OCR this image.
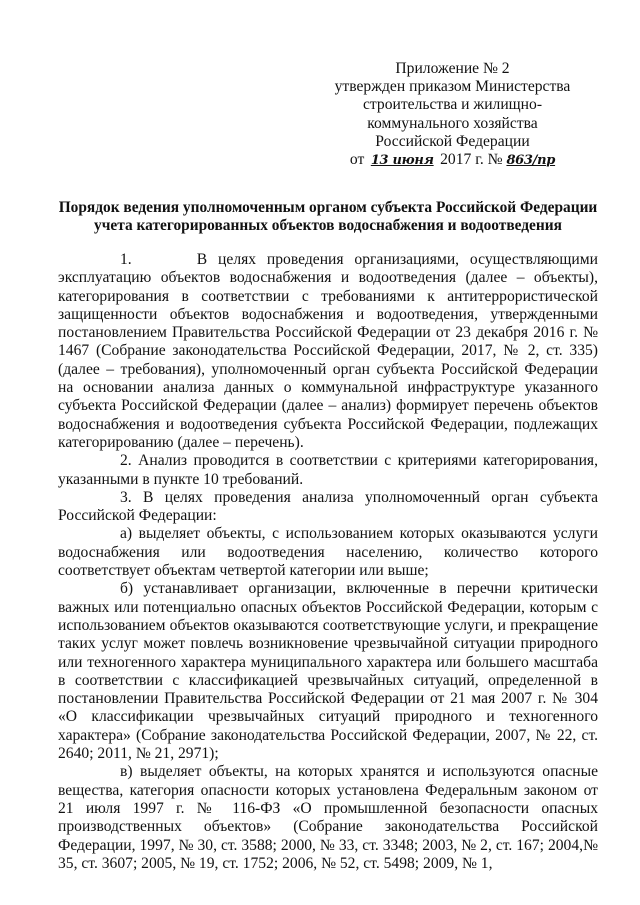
Приложение № 2
утвержден приказом Министерства
строительства и жилищно-
коммунального хозяйства
Российской Федерации
от 13 июня 2017 г. № 863/пр
Порядок ведения уполномоченным органом субъекта Российской Федерации
учета категорированных объектов водоснабжения и водоотведения

1.      В целях проведения организациями, осуществляющими эксплуатацию объектов водоснабжения и водоотведения (далее – объекты), категорирования в соответствии с требованиями к антитеррористической защищенности объектов водоснабжения и водоотведения, утвержденными постановлением Правительства Российской Федерации от 23 декабря 2016 г. № 1467 (Собрание законодательства Российской Федерации, 2017, № 2, ст. 335) (далее – требования), уполномоченный орган субъекта Российской Федерации на основании анализа данных о коммунальной инфраструктуре указанного субъекта Российской Федерации (далее – анализ) формирует перечень объектов водоснабжения и водоотведения субъекта Российской Федерации, подлежащих категорированию (далее – перечень).

2. Анализ проводится в соответствии с критериями категорирования, указанными в пункте 10 требований.

3. В целях проведения анализа уполномоченный орган субъекта Российской Федерации:

а) выделяет объекты, с использованием которых оказываются услуги водоснабжения или водоотведения населению, количество которого соответствует объектам четвертой категории или выше;

б) устанавливает организации, включенные в перечни критически важных или потенциально опасных объектов Российской Федерации, которым с использованием объектов оказываются соответствующие услуги, и прекращение таких услуг может повлечь возникновение чрезвычайной ситуации природного или техногенного характера муниципального характера или большего масштаба в соответствии с классификацией чрезвычайных ситуаций, определенной в постановлении Правительства Российской Федерации от 21 мая 2007 г. № 304 «О классификации чрезвычайных ситуаций природного и техногенного характера» (Собрание законодательства Российской Федерации, 2007, № 22, ст. 2640; 2011, № 21, 2971);

в) выделяет объекты, на которых хранятся и используются опасные вещества, категория опасности которых установлена Федеральным законом от 21 июля 1997 г. № 116-ФЗ «О промышленной безопасности опасных производственных объектов» (Собрание законодательства Российской Федерации, 1997, № 30, ст. 3588; 2000, № 33, ст. 3348; 2003, № 2, ст. 167; 2004,№ 35, ст. 3607; 2005, № 19, ст. 1752; 2006, № 52, ст. 5498; 2009, № 1,
